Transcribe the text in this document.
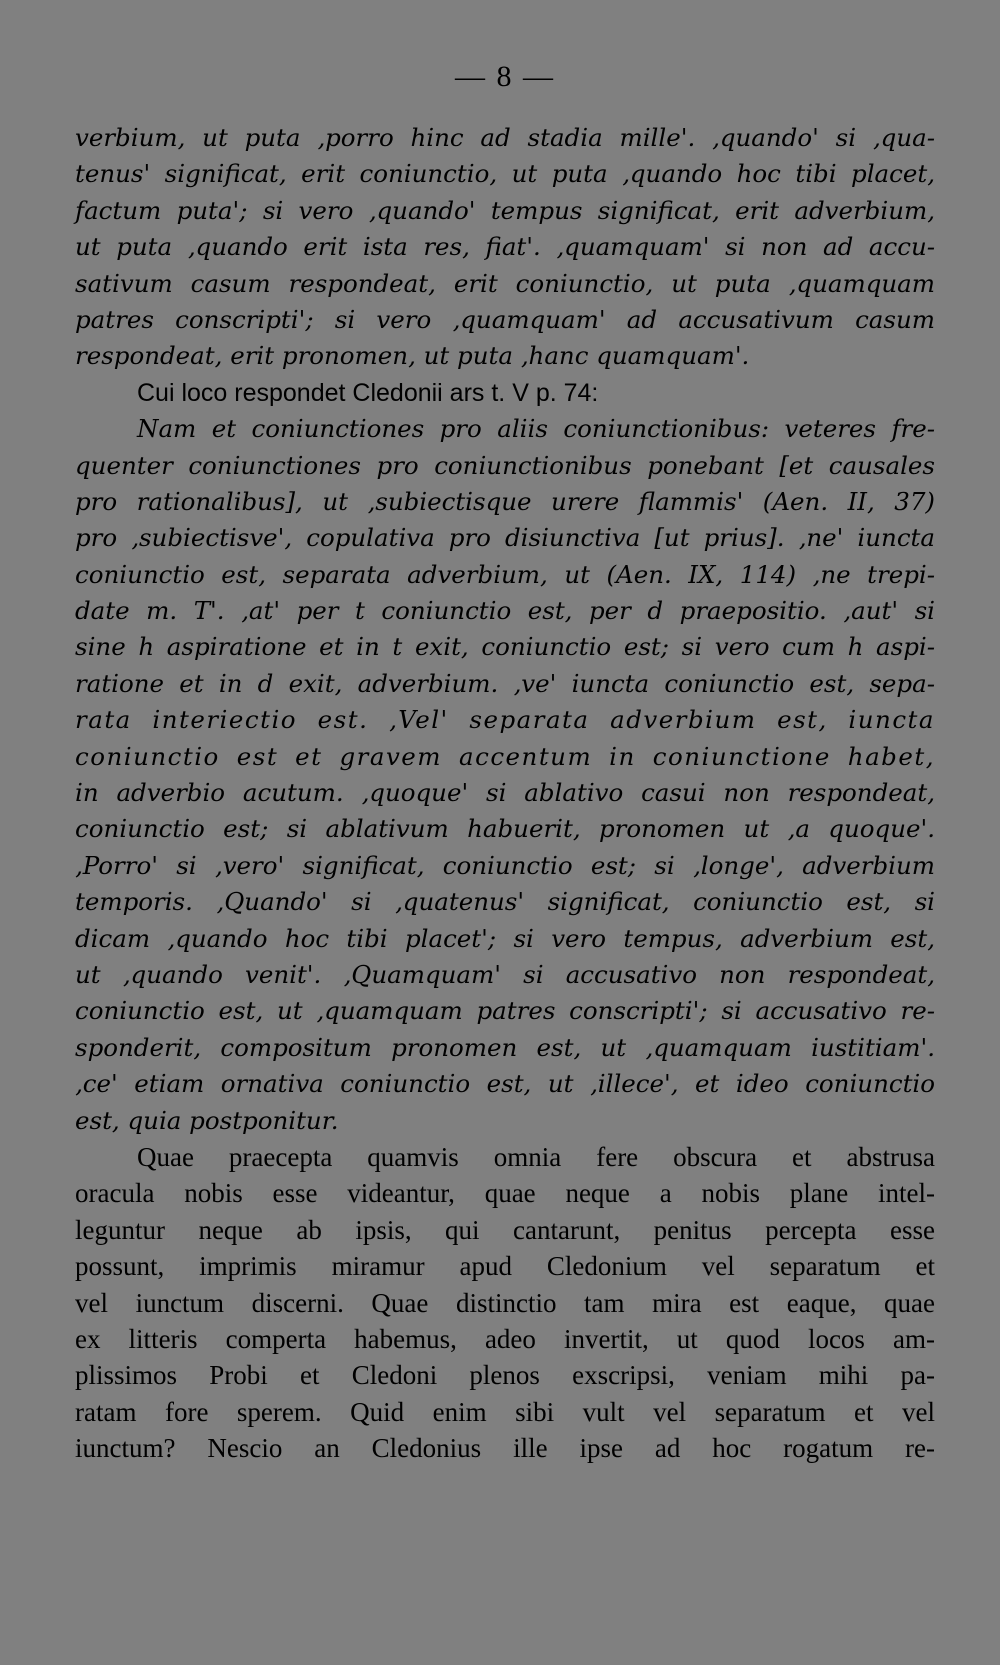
— 8 —
verbium, ut puta ‚porro hinc ad stadia mille'. ‚quando' si ‚qua-
tenus' significat, erit coniunctio, ut puta ‚quando hoc tibi placet,
factum puta'; si vero ‚quando' tempus significat, erit adverbium,
ut puta ‚quando erit ista res, fiat'. ‚quamquam' si non ad accu-
sativum casum respondeat, erit coniunctio, ut puta ‚quamquam
patres conscripti'; si vero ‚quamquam' ad accusativum casum
respondeat, erit pronomen, ut puta ‚hanc quamquam'.
Cui loco respondet Cledonii ars t. V p. 74:
Nam et coniunctiones pro aliis coniunctionibus: veteres fre-
quenter coniunctiones pro coniunctionibus ponebant [et causales
pro rationalibus], ut ‚subiectisque urere flammis' (Aen. II, 37)
pro ‚subiectisve', copulativa pro disiunctiva [ut prius]. ‚ne' iuncta
coniunctio est, separata adverbium, ut (Aen. IX, 114) ‚ne trepi-
date m. T'. ‚at' per t coniunctio est, per d praepositio. ‚aut' si
sine h aspiratione et in t exit, coniunctio est; si vero cum h aspi-
ratione et in d exit, adverbium. ‚ve' iuncta coniunctio est, sepa-
rata interiectio est. ‚Vel' separata adverbium est, iuncta
coniunctio est et gravem accentum in coniunctione habet,
in adverbio acutum. ‚quoque' si ablativo casui non respondeat,
coniunctio est; si ablativum habuerit, pronomen ut ‚a quoque'.
‚Porro' si ‚vero' significat, coniunctio est; si ‚longe', adverbium
temporis. ‚Quando' si ‚quatenus' significat, coniunctio est, si
dicam ‚quando hoc tibi placet'; si vero tempus, adverbium est,
ut ‚quando venit'. ‚Quamquam' si accusativo non respondeat,
coniunctio est, ut ‚quamquam patres conscripti'; si accusativo re-
sponderit, compositum pronomen est, ut ‚quamquam iustitiam'.
‚ce' etiam ornativa coniunctio est, ut ‚illece', et ideo coniunctio
est, quia postponitur.
Quae praecepta quamvis omnia fere obscura et abstrusa
oracula nobis esse videantur, quae neque a nobis plane intel-
leguntur neque ab ipsis, qui cantarunt, penitus percepta esse
possunt, imprimis miramur apud Cledonium vel separatum et
vel iunctum discerni. Quae distinctio tam mira est eaque, quae
ex litteris comperta habemus, adeo invertit, ut quod locos am-
plissimos Probi et Cledoni plenos exscripsi, veniam mihi pa-
ratam fore sperem. Quid enim sibi vult vel separatum et vel
iunctum? Nescio an Cledonius ille ipse ad hoc rogatum re-
